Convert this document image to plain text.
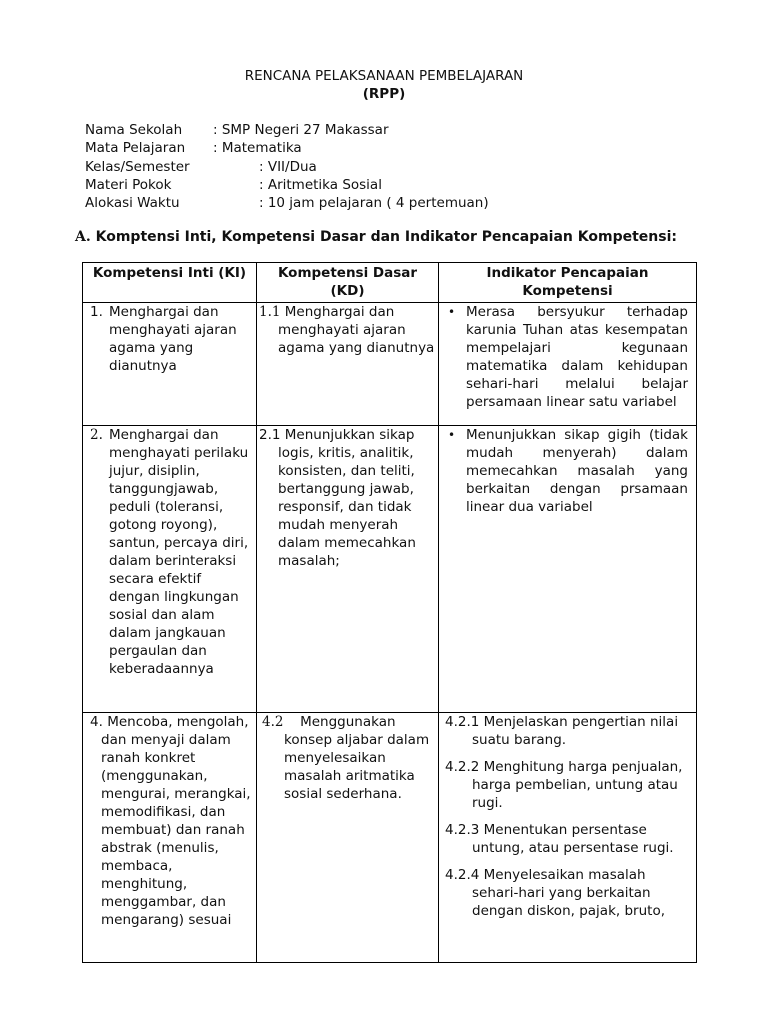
RENCANA PELAKSANAAN PEMBELAJARAN
(RPP)
Nama Sekolah : SMP Negeri 27 Makassar
Mata Pelajaran : Matematika
Kelas/Semester	: VII/Dua
Materi Pokok	: Aritmetika Sosial
Alokasi Waktu	: 10 jam pelajaran ( 4 pertemuan)
A. Komptensi Inti, Kompetensi Dasar dan Indikator Pencapaian Kompetensi:
Kompetensi Inti (KI)	Kompetensi Dasar (KD)	Indikator Pencapaian Kompetensi

1. Menghargai dan menghayati ajaran agama yang dianutnya	1.1 Menghargai dan menghayati ajaran agama yang dianutnya	• Merasa bersyukur terhadap karunia Tuhan atas kesempatan mempelajari kegunaan matematika dalam kehidupan sehari-hari melalui belajar persamaan linear satu variabel

2. Menghargai dan menghayati perilaku jujur, disiplin, tanggungjawab, peduli (toleransi, gotong royong), santun, percaya diri, dalam berinteraksi secara efektif dengan lingkungan sosial dan alam dalam jangkauan pergaulan dan keberadaannya	2.1 Menunjukkan sikap logis, kritis, analitik, konsisten, dan teliti, bertanggung jawab, responsif, dan tidak mudah menyerah dalam memecahkan masalah;	• Menunjukkan sikap gigih (tidak mudah menyerah) dalam memecahkan masalah yang berkaitan dengan prsamaan linear dua variabel

4. Mencoba, mengolah, dan menyaji dalam ranah konkret (menggunakan, mengurai, merangkai, memodifikasi, dan membuat) dan ranah abstrak (menulis, membaca, menghitung, menggambar, dan mengarang) sesuai	4.2 Menggunakan konsep aljabar dalam menyelesaikan masalah aritmatika sosial sederhana.	4.2.1 Menjelaskan pengertian nilai suatu barang.
4.2.2 Menghitung harga penjualan, harga pembelian, untung atau rugi.
4.2.3 Menentukan persentase untung, atau persentase rugi.
4.2.4 Menyelesaikan masalah sehari-hari yang berkaitan dengan diskon, pajak, bruto,
